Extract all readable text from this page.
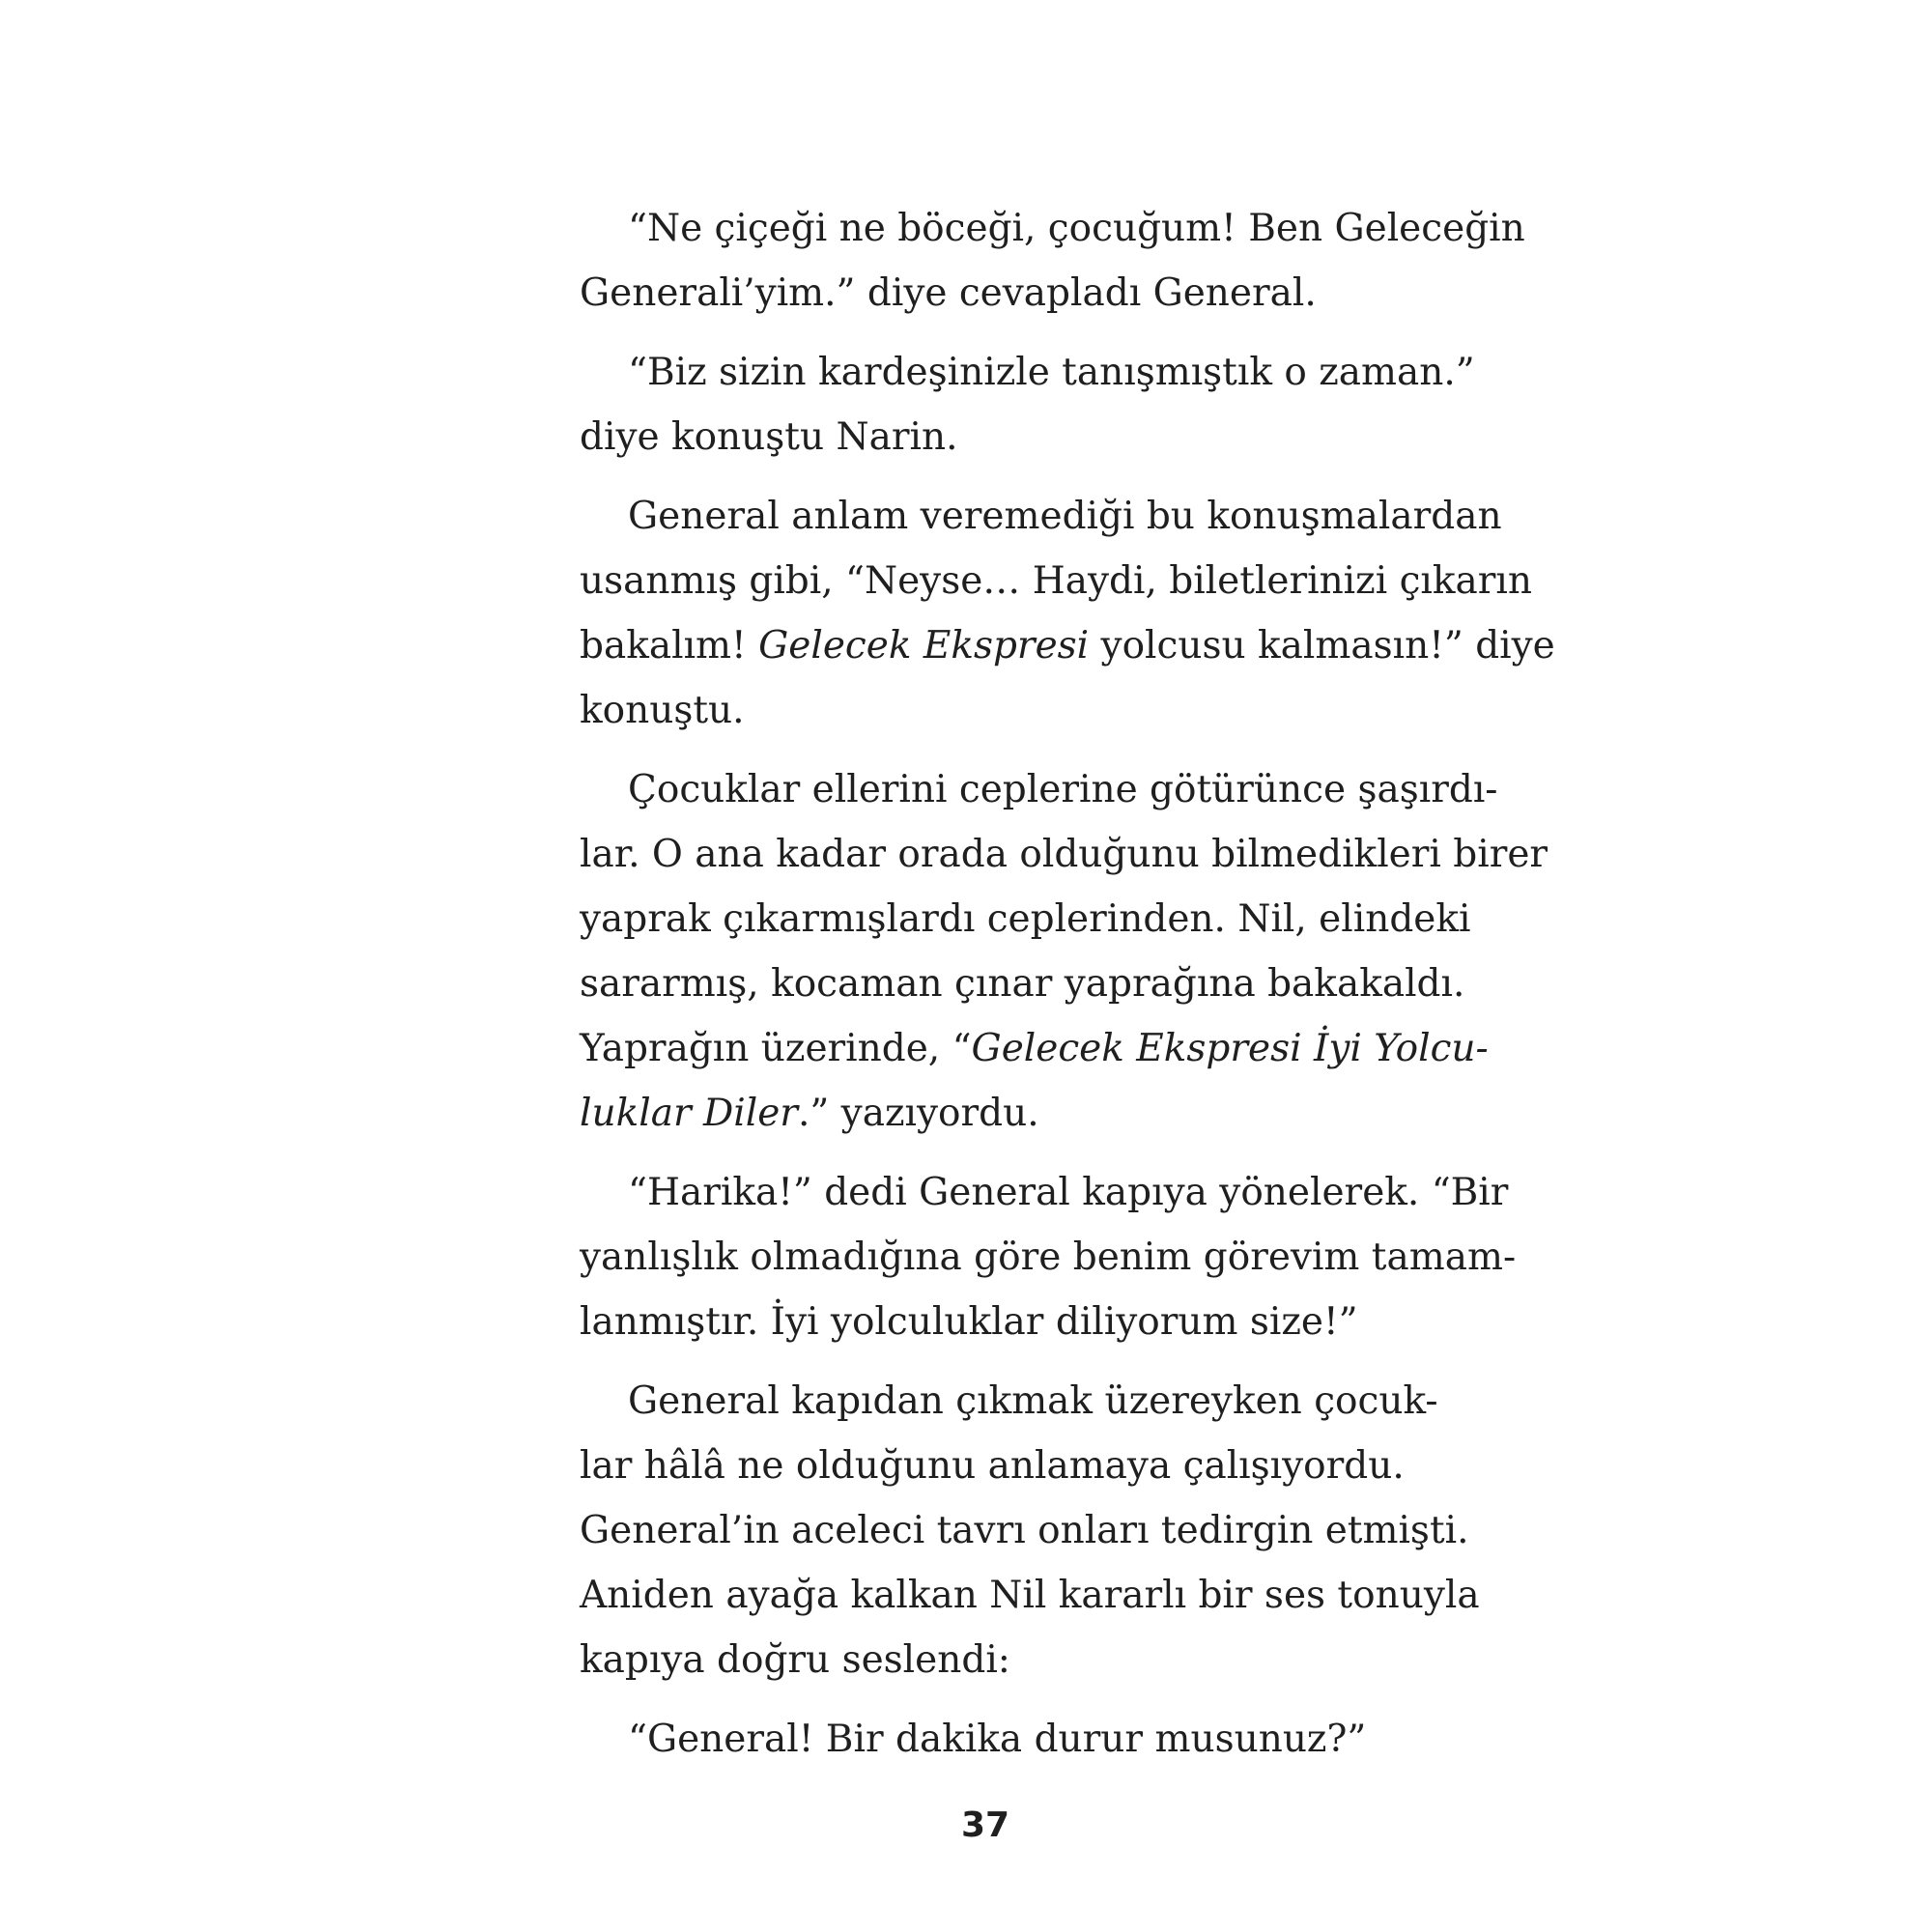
“Ne çiçeği ne böceği, çocuğum! Ben Geleceğin
Generali’yim.” diye cevapladı General.
“Biz sizin kardeşinizle tanışmıştık o zaman.”
diye konuştu Narin.
General anlam veremediği bu konuşmalardan
usanmış gibi, “Neyse… Haydi, biletlerinizi çıkarın
bakalım! Gelecek Ekspresi yolcusu kalmasın!” diye
konuştu.
Çocuklar ellerini ceplerine götürünce şaşırdı-
lar. O ana kadar orada olduğunu bilmedikleri birer
yaprak çıkarmışlardı ceplerinden. Nil, elindeki
sararmış, kocaman çınar yaprağına bakakaldı.
Yaprağın üzerinde, “Gelecek Ekspresi İyi Yolcu-
luklar Diler.” yazıyordu.
“Harika!” dedi General kapıya yönelerek. “Bir
yanlışlık olmadığına göre benim görevim tamam-
lanmıştır. İyi yolculuklar diliyorum size!”
General kapıdan çıkmak üzereyken çocuk-
lar hâlâ ne olduğunu anlamaya çalışıyordu.
General’in aceleci tavrı onları tedirgin etmişti.
Aniden ayağa kalkan Nil kararlı bir ses tonuyla
kapıya doğru seslendi:
“General! Bir dakika durur musunuz?”
37
